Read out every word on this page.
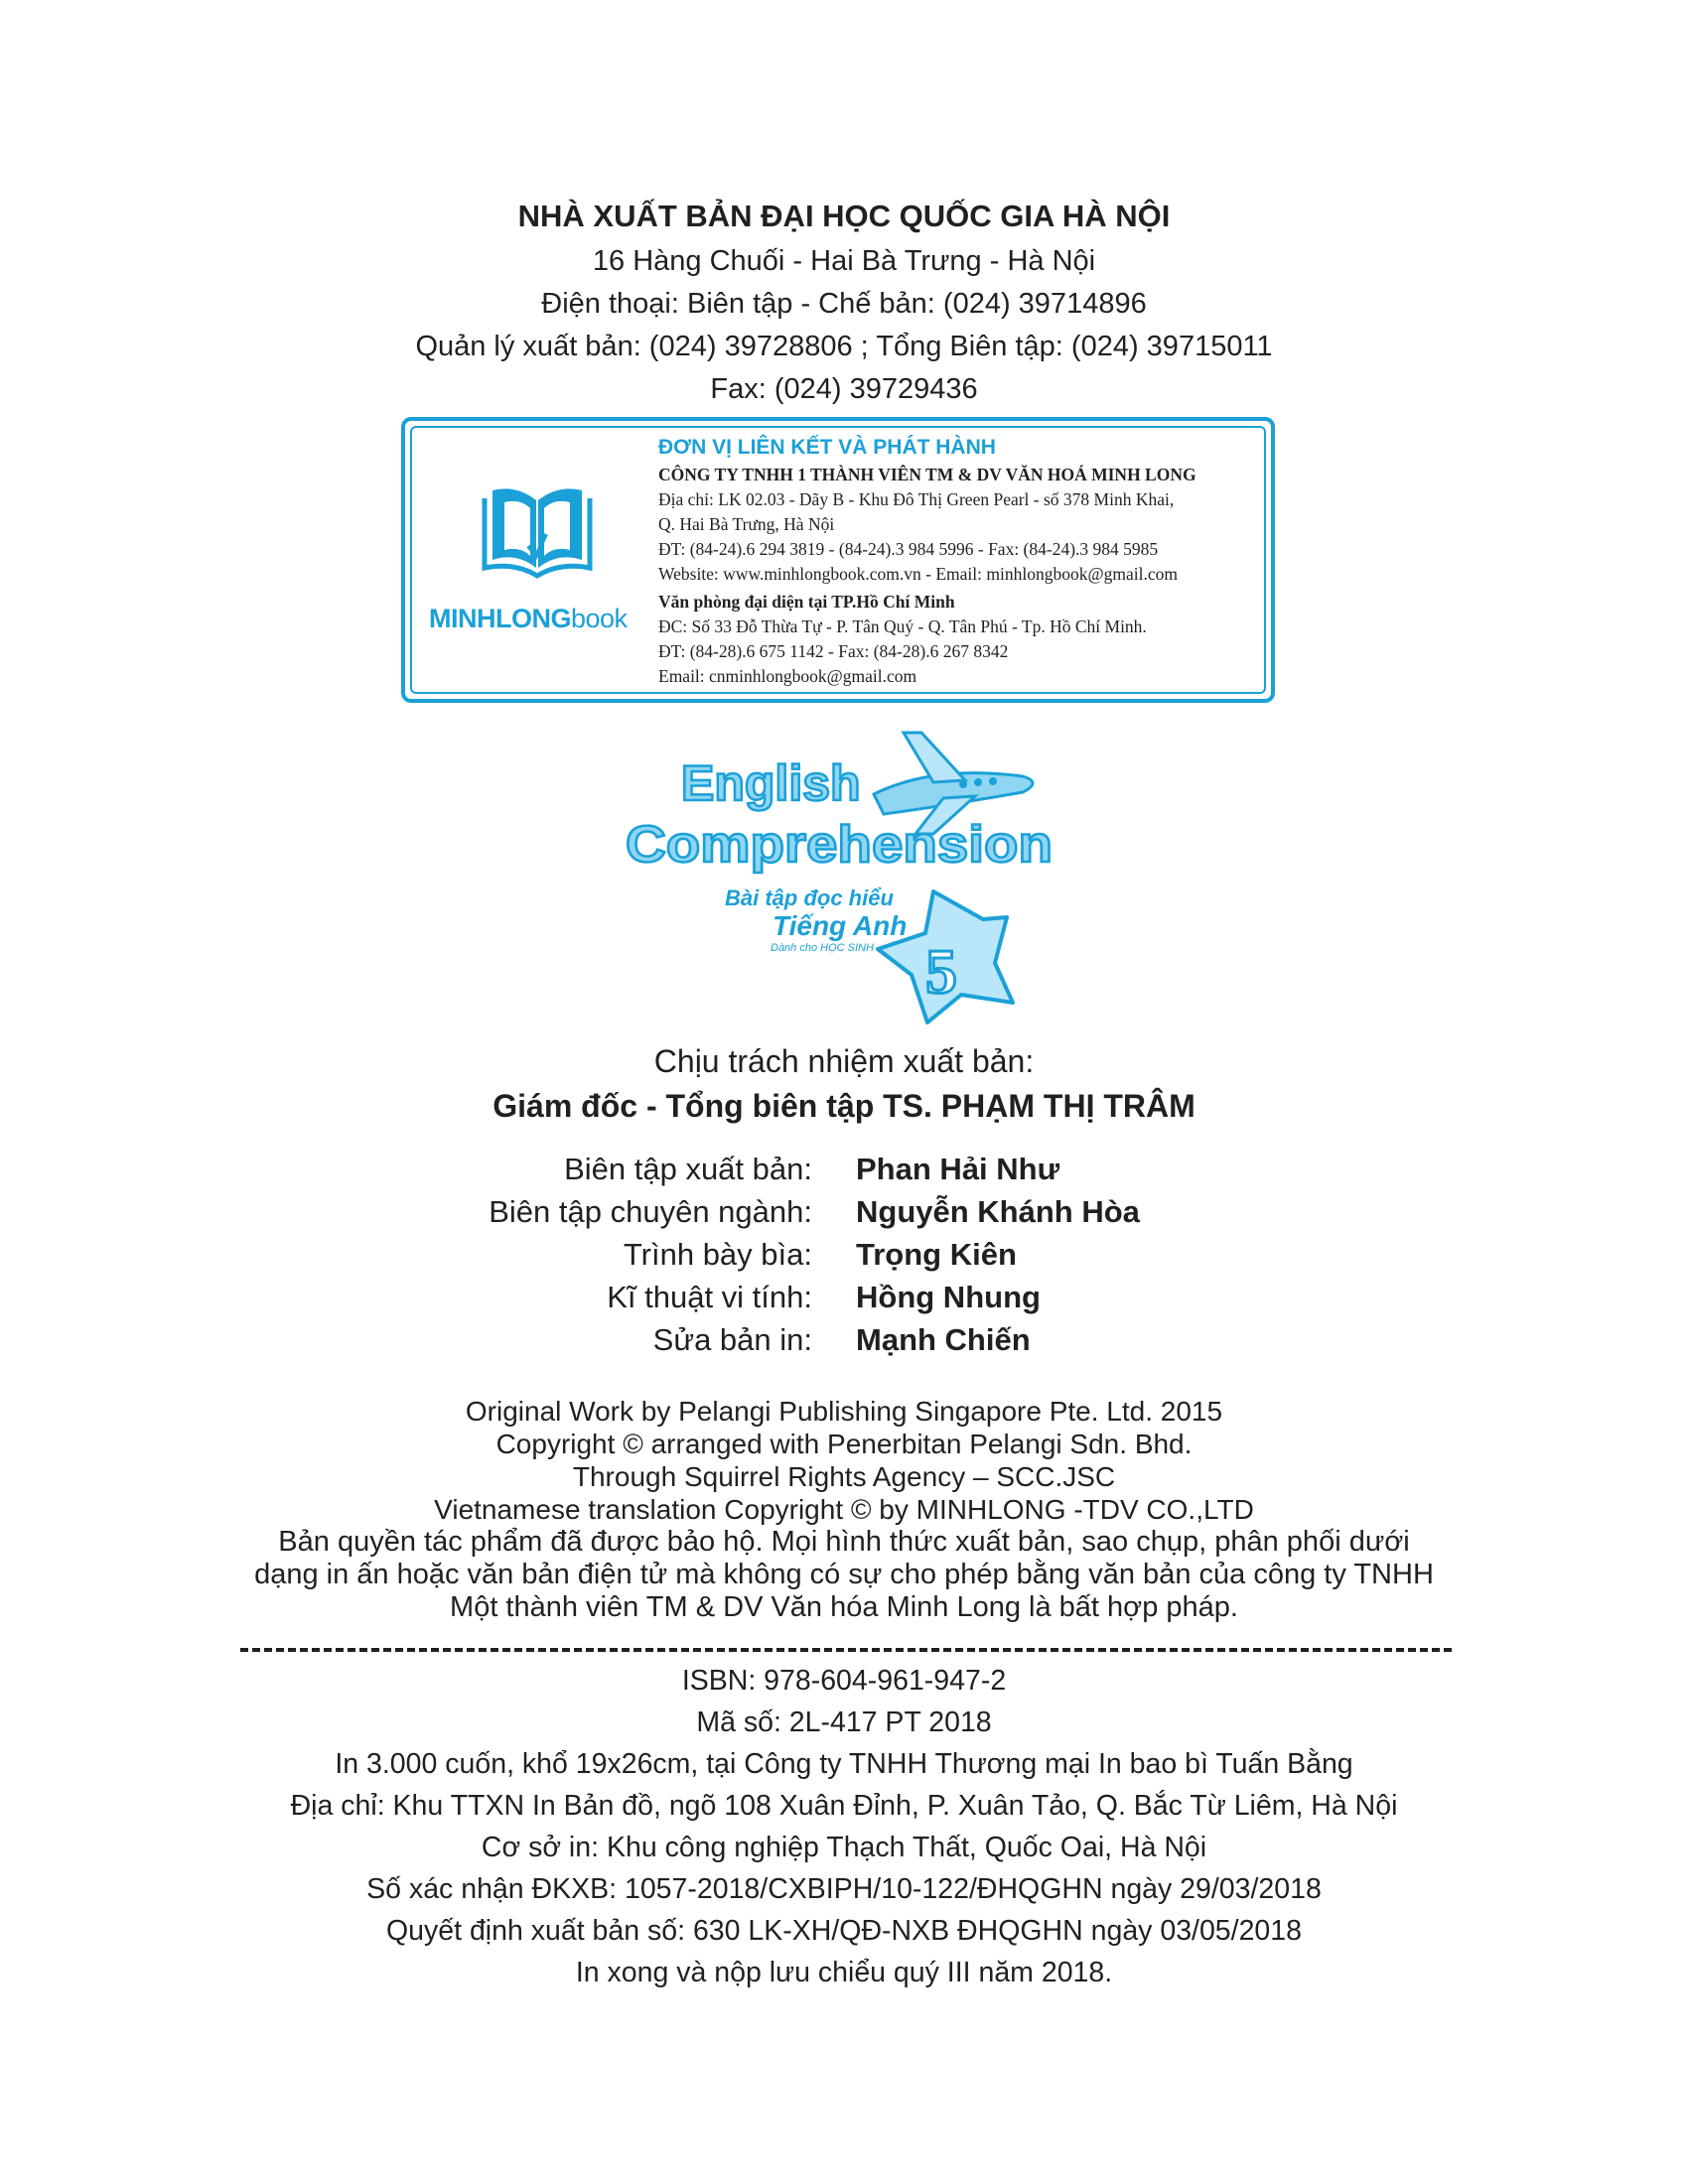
NHÀ XUẤT BẢN ĐẠI HỌC QUỐC GIA HÀ NỘI
16 Hàng Chuối - Hai Bà Trưng - Hà Nội
Điện thoại: Biên tập - Chế bản: (024) 39714896
Quản lý xuất bản: (024) 39728806 ; Tổng Biên tập: (024) 39715011
Fax: (024) 39729436
MINHLONGbook
ĐƠN VỊ LIÊN KẾT VÀ PHÁT HÀNH
CÔNG TY TNHH 1 THÀNH VIÊN TM & DV VĂN HOÁ MINH LONG
Địa chỉ: LK 02.03 - Dãy B - Khu Đô Thị Green Pearl - số 378 Minh Khai,
Q. Hai Bà Trưng, Hà Nội
ĐT: (84-24).6 294 3819 - (84-24).3 984 5996 - Fax: (84-24).3 984 5985
Website: www.minhlongbook.com.vn - Email: minhlongbook@gmail.com
Văn phòng đại diện tại TP.Hồ Chí Minh
ĐC: Số 33 Đỗ Thừa Tự - P. Tân Quý - Q. Tân Phú - Tp. Hồ Chí Minh.
ĐT: (84-28).6 675 1142 - Fax: (84-28).6 267 8342
Email: cnminhlongbook@gmail.com
English
Comprehension
Bài tập đọc hiểu
Tiếng Anh
Dành cho HỌC SINH 5
Chịu trách nhiệm xuất bản:
Giám đốc - Tổng biên tập TS. PHẠM THỊ TRÂM
Biên tập xuất bản: Phan Hải Như
Biên tập chuyên ngành: Nguyễn Khánh Hòa
Trình bày bìa: Trọng Kiên
Kĩ thuật vi tính: Hồng Nhung
Sửa bản in: Mạnh Chiến
Original Work by Pelangi Publishing Singapore Pte. Ltd. 2015
Copyright © arranged with Penerbitan Pelangi Sdn. Bhd.
Through Squirrel Rights Agency – SCC.JSC
Vietnamese translation Copyright © by MINHLONG -TDV CO.,LTD
Bản quyền tác phẩm đã được bảo hộ. Mọi hình thức xuất bản, sao chụp, phân phối dưới
dạng in ấn hoặc văn bản điện tử mà không có sự cho phép bằng văn bản của công ty TNHH
Một thành viên TM & DV Văn hóa Minh Long là bất hợp pháp.
ISBN: 978-604-961-947-2
Mã số: 2L-417 PT 2018
In 3.000 cuốn, khổ 19x26cm, tại Công ty TNHH Thương mại In bao bì Tuấn Bằng
Địa chỉ: Khu TTXN In Bản đồ, ngõ 108 Xuân Đỉnh, P. Xuân Tảo, Q. Bắc Từ Liêm, Hà Nội
Cơ sở in: Khu công nghiệp Thạch Thất, Quốc Oai, Hà Nội
Số xác nhận ĐKXB: 1057-2018/CXBIPH/10-122/ĐHQGHN ngày 29/03/2018
Quyết định xuất bản số: 630 LK-XH/QĐ-NXB ĐHQGHN ngày 03/05/2018
In xong và nộp lưu chiểu quý III năm 2018.
